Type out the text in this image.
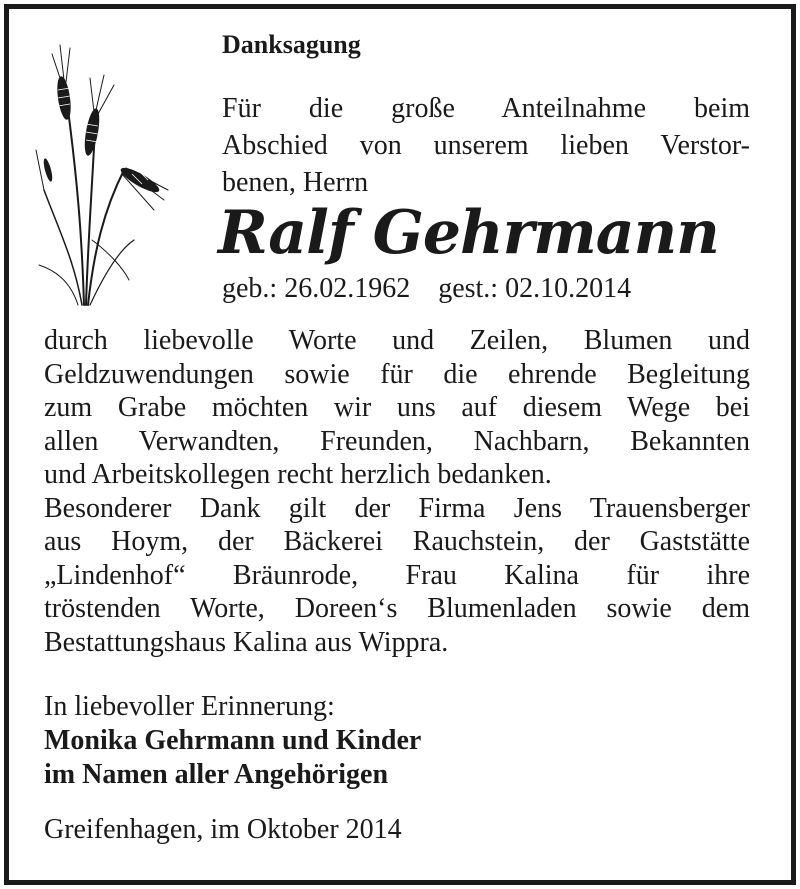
Danksagung
Für die große Anteilnahme beim
Abschied von unserem lieben Verstor-
benen, Herrn
Ralf Gehrmann
geb.: 26.02.1962    gest.: 02.10.2014
durch liebevolle Worte und Zeilen, Blumen und
Geldzuwendungen sowie für die ehrende Begleitung
zum Grabe möchten wir uns auf diesem Wege bei
allen Verwandten, Freunden, Nachbarn, Bekannten
und Arbeitskollegen recht herzlich bedanken.
Besonderer Dank gilt der Firma Jens Trauensberger
aus Hoym, der Bäckerei Rauchstein, der Gaststätte
„Lindenhof“ Bräunrode, Frau Kalina für ihre
tröstenden Worte, Doreen‘s Blumenladen sowie dem
Bestattungshaus Kalina aus Wippra.
In liebevoller Erinnerung:
Monika Gehrmann und Kinder
im Namen aller Angehörigen
Greifenhagen, im Oktober 2014
